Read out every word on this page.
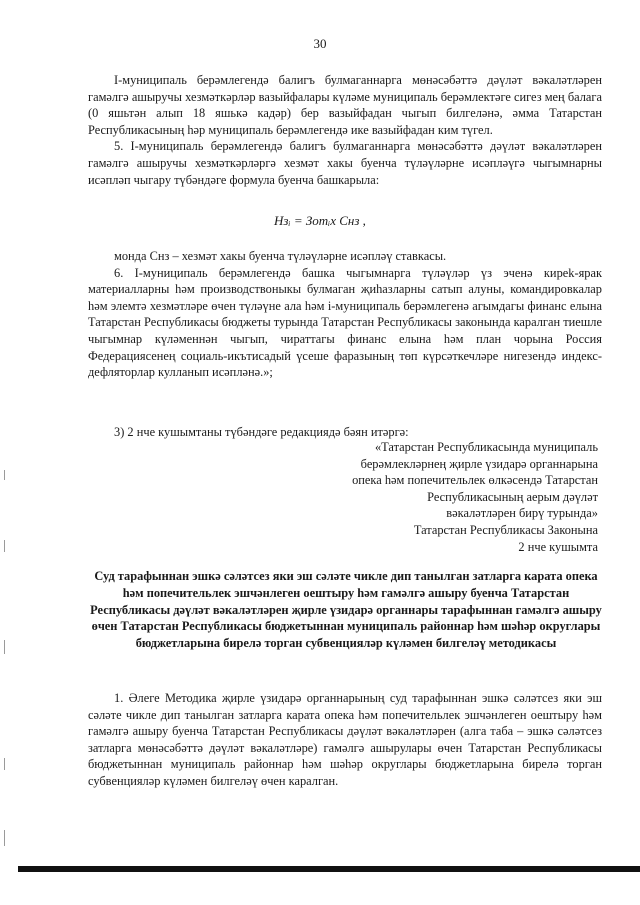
30

І-муниципаль берәмлегендә балигъ булмаганнарга мөнәсәбәттә дәүләт вәкаләтләрен гамәлгә ашыручы хезмәткәрләр вазыйфалары күләме муниципаль берәмлектәге сигез мең балага (0 яшьтән алып 18 яшькә кадәр) бер вазыйфадан чыгып билгеләнә, әмма Татарстан Республикасының һәр муниципаль берәмлегендә ике вазыйфадан ким түгел.

5. І-муниципаль берәмлегендә балигъ булмаганнарга мөнәсәбәттә дәүләт вәкаләтләрен гамәлгә ашыручы хезмәткәрләргә хезмәт хакы буенча түләүләрне исәпләүгә чыгымнарны исәпләп чыгару түбәндәге формула буенча башкарыла:

Нзᵢ = Зотᵢх Снз ,

монда Снз – хезмәт хакы буенча түләүләрне исәпләү ставкасы.

6. І-муниципаль берәмлегендә башка чыгымнарга түләүләр үз эченә киреk-ярак материалларны һәм производствоныкы булмаган җиһазларны сатып алуны, командировкалар һәм элемтә хезмәтләре өчен түләүне ала һәм і-муниципаль берәмлегенә агымдагы финанс елына Татарстан Республикасы бюджеты турында Татарстан Республикасы законында каралган тиешле чыгымнар күләменнән чыгып, чираттагы финанс елына һәм план чорына Россия Федерациясенең социаль-икътисадый үсеше фаразының төп күрсәткечләре нигезендә индекс-дефляторлар кулланып исәпләнә.»;

3) 2 нче кушымтаны түбәндәге редакциядә бәян итәргә:

«Татарстан Республикасында муниципаль
берәмлекләрнең җирле үзидарә органнарына
опека һәм попечительлек өлкәсендә Татарстан
Республикасының аерым дәүләт
вәкаләтләрен бирү турында»
Татарстан Республикасы Законына
2 нче кушымта
Суд тарафыннан эшкә сәләтсез яки эш сәләте чикле дип танылган затларга карата опека һәм попечительлек эшчәнлеген оештыру һәм гамәлгә ашыру буенча Татарстан Республикасы дәүләт вәкаләтләрен җирле үзидарә органнары тарафыннан гамәлгә ашыру өчен Татарстан Республикасы бюджетыннан муниципаль районнар һәм шәһәр округлары бюджетларына бирелә торган субвенцияләр күләмен билгеләү методикасы

1. Әлеге Методика җирле үзидарә органнарының суд тарафыннан эшкә сәләтсез яки эш сәләте чикле дип танылган затларга карата опека һәм попечительлек эшчәнлеген оештыру һәм гамәлгә ашыру буенча Татарстан Республикасы дәүләт вәкаләтләрен (алга таба – эшкә сәләтсез затларга мөнәсәбәттә дәүләт вәкаләтләре) гамәлгә ашырулары өчен Татарстан Республикасы бюджетыннан муниципаль районнар һәм шәһәр округлары бюджетларына бирелә торган субвенцияләр күләмен билгеләү өчен каралган.
